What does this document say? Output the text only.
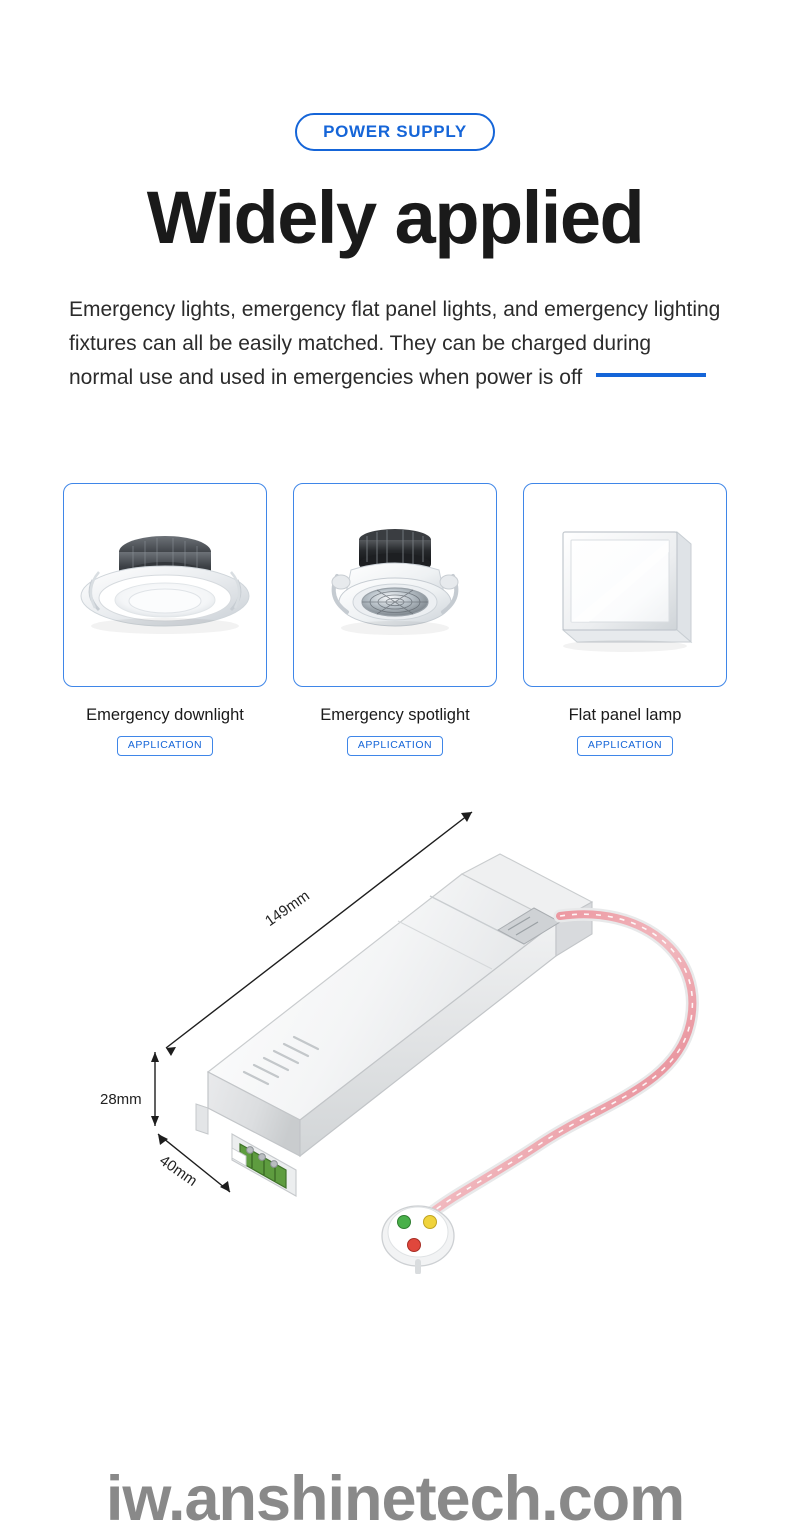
POWER SUPPLY
Widely applied
Emergency lights, emergency flat panel lights, and emergency lighting fixtures can all be easily matched. They can be charged during normal use and used in emergencies when power is off
Emergency downlight
APPLICATION
Emergency spotlight
APPLICATION
Flat panel lamp
APPLICATION
149mm
28mm
40mm
iw.anshinetech.com
